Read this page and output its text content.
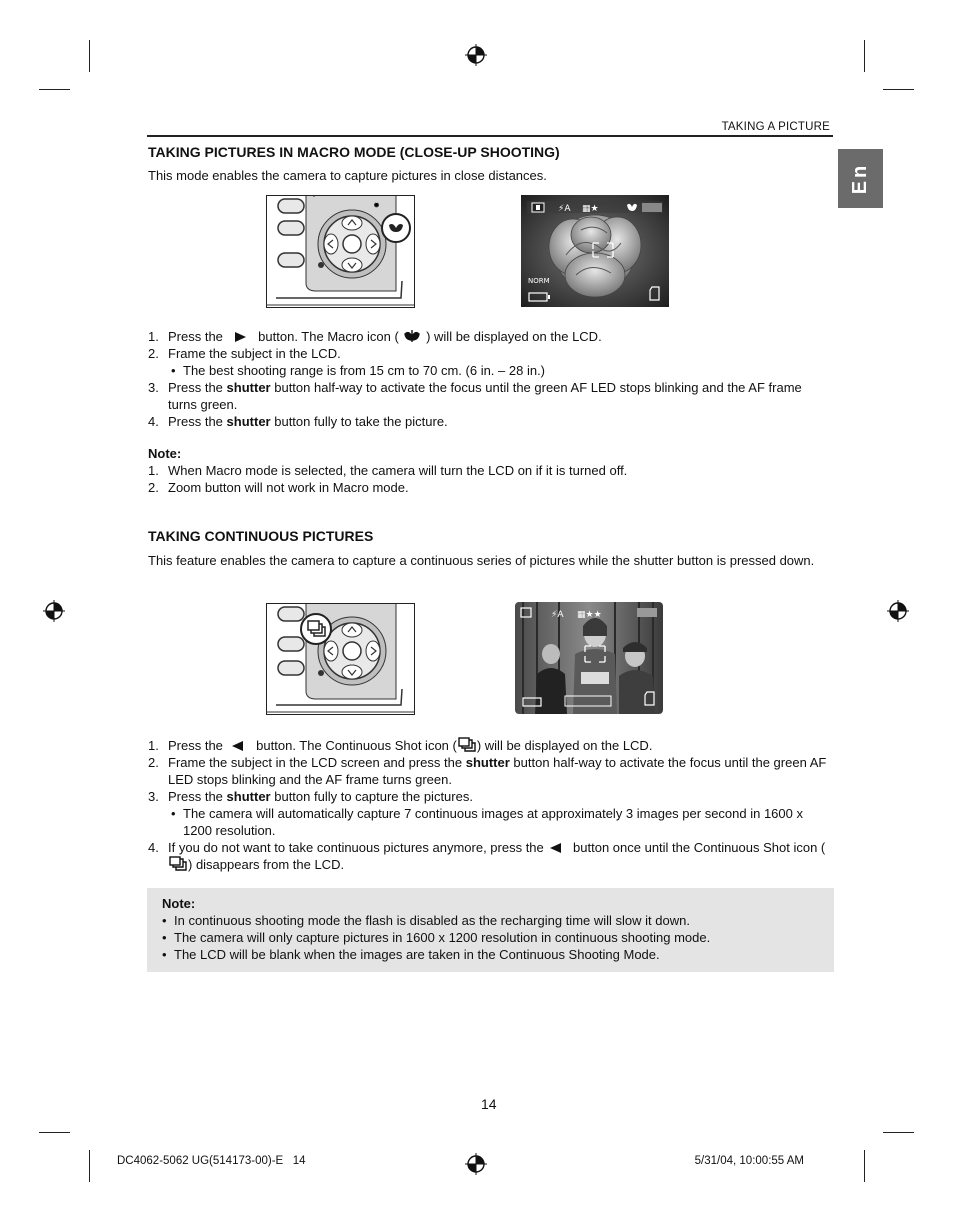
TAKING A PICTURE
En
TAKING PICTURES IN MACRO MODE (CLOSE-UP SHOOTING)

This mode enables the camera to capture pictures in close distances.

⚡A ▦★
NORM
1. Press the	button. The Macro icon ( ) will be displayed on the LCD.
2. Frame the subject in the LCD.
• The best shooting range is from 15 cm to 70 cm. (6 in. – 28 in.)
3. Press the shutter button half-way to activate the focus until the green AF LED stops blinking and the AF frame turns green.
4. Press the shutter button fully to take the picture.
Note:
1. When Macro mode is selected, the camera will turn the LCD on if it is turned off.
2. Zoom button will not work in Macro mode.
TAKING CONTINUOUS PICTURES

This feature enables the camera to capture a continuous series of pictures while the shutter button is pressed down.

⚡A ▦★★
1. Press the	button. The Continuous Shot icon ( ) will be displayed on the LCD.
2. Frame the subject in the LCD screen and press the shutter button half-way to activate the focus until the green AF LED stops blinking and the AF frame turns green.
3. Press the shutter button fully to capture the pictures.
• The camera will automatically capture 7 continuous images at approximately 3 images per second in 1600 x 1200 resolution.
4. If you do not want to take continuous pictures anymore, press the button once until the Continuous Shot icon () disappears from the LCD.
Note:
• In continuous shooting mode the flash is disabled as the recharging time will slow it down.
• The camera will only capture pictures in 1600 x 1200 resolution in continuous shooting mode.
• The LCD will be blank when the images are taken in the Continuous Shooting Mode.
14
DC4062-5062 UG(514173-00)-E   14	5/31/04, 10:00:55 AM
